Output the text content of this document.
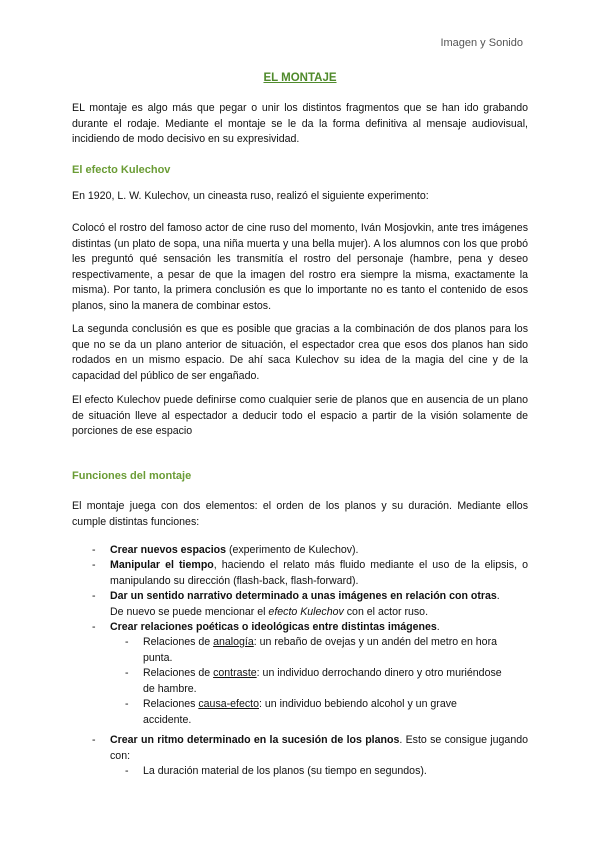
Imagen y Sonido
EL MONTAJE
EL montaje es algo más que pegar o unir los distintos fragmentos que se han ido grabando durante el rodaje. Mediante el montaje se le da la forma definitiva al mensaje audiovisual, incidiendo de modo decisivo en su expresividad.
El efecto Kulechov
En 1920, L. W. Kulechov, un cineasta ruso, realizó el siguiente experimento:
Colocó el rostro del famoso actor de cine ruso del momento, Iván Mosjovkin, ante tres imágenes distintas (un plato de sopa, una niña muerta y una bella mujer). A los alumnos con los que probó les preguntó qué sensación les transmitía el rostro del personaje (hambre, pena y deseo respectivamente, a pesar de que la imagen del rostro era siempre la misma, exactamente la misma). Por tanto, la primera conclusión es que lo importante no es tanto el contenido de esos planos, sino la manera de combinar estos.
La segunda conclusión es que es posible que gracias a la combinación de dos planos para los que no se da un plano anterior de situación, el espectador crea que esos dos planos han sido rodados en un mismo espacio. De ahí saca Kulechov su idea de la magia del cine y de la capacidad del público de ser engañado.
El efecto Kulechov puede definirse como cualquier serie de planos que en ausencia de un plano de situación lleve al espectador a deducir todo el espacio a partir de la visión solamente de porciones de ese espacio
Funciones del montaje
El montaje juega con dos elementos: el orden de los planos y su duración. Mediante ellos cumple distintas funciones:
- Crear nuevos espacios (experimento de Kulechov).
- Manipular el tiempo, haciendo el relato más fluido mediante el uso de la elipsis, o manipulando su dirección (flash-back, flash-forward).
- Dar un sentido narrativo determinado a unas imágenes en relación con otras.
De nuevo se puede mencionar el efecto Kulechov con el actor ruso.
- Crear relaciones poéticas o ideológicas entre distintas imágenes.
- Relaciones de analogía: un rebaño de ovejas y un andén del metro en hora punta.
- Relaciones de contraste: un individuo derrochando dinero y otro muriéndose de hambre.
- Relaciones causa-efecto: un individuo bebiendo alcohol y un grave accidente.
- Crear un ritmo determinado en la sucesión de los planos. Esto se consigue jugando con:
- La duración material de los planos (su tiempo en segundos).
